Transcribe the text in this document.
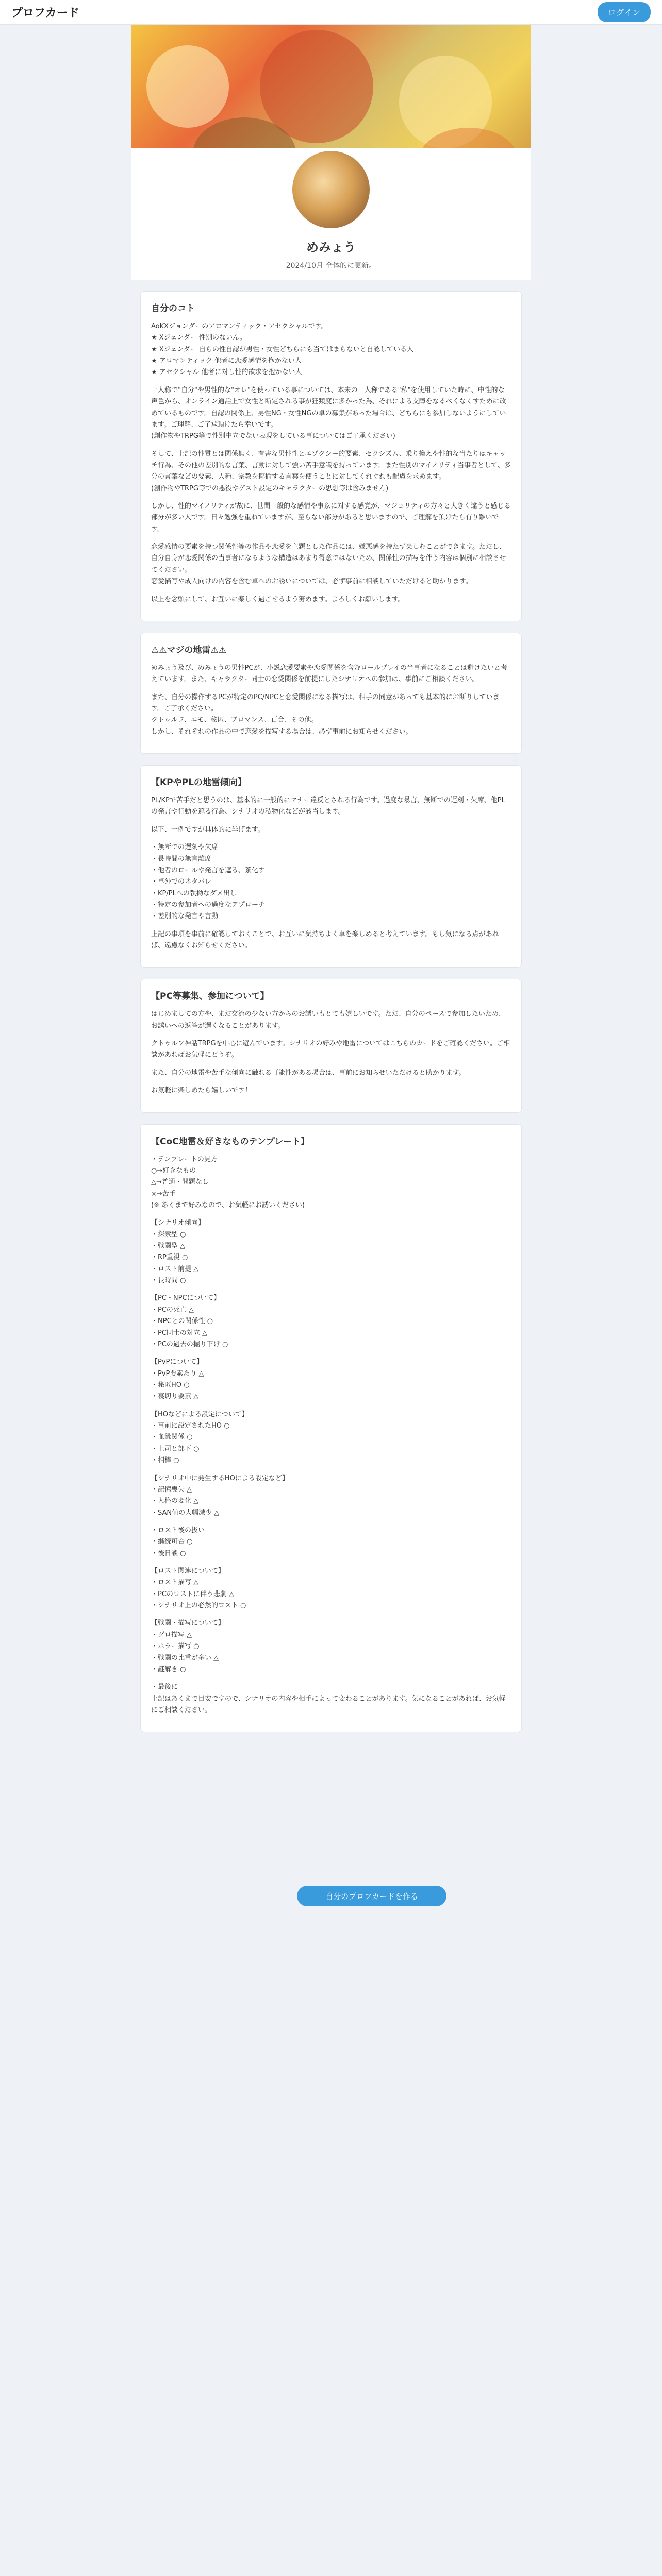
プロフカード	ログイン
めみょう
2024/10月 全体的に更新。
自分のコト

AoKXジョンダーのアロマンティック・アセクシャルです。
★ Xジェンダー 性別のないん。
★ Xジェンダー 自らの性自認が男性・女性どちらにも当てはまらないと自認している人
★ アロマンティック 他者に恋愛感情を抱かない人
★ アセクシャル 他者に対し性的欲求を抱かない人

一人称で"自分"や男性的な"オレ"を使っている事については、本来の一人称である"私"を使用していた時に、中性的な声色から、オンライン通話上で女性と断定される事が狂頻度に多かった為、それによる支障をなるべくなくすために改めているものです。自認の関係上、男性NG・女性NGの卓の募集があった場合は、どちらにも参加しないようにしています。ご理解、ご了承頂けたら幸いです。
(創作物やTRPG等で性別中立でない表現をしている事についてはご了承ください)

そして、上記の性質とは関係無く、有害な男性性とエゾクシー的要素、セクシズム、乗り換えや性的な当たりはキャッチ行為、その他の差別的な言葉、言動に対して強い苦手意識を持っています。また性別のマイノリティ当事者として、多分の言葉などの要素、人種、宗教を揶揄する言葉を使うことに対してくれぐれも配慮を求めます。
(創作物やTRPG等での悪役やゲスト設定のキャラクターの思想等は含みません)

しかし、性的マイノリティが故に、世間一般的な感情や事象に対する感覚が、マジョリティの方々と大きく違うと感じる部分が多い人です。日々勉強を重ねていますが、至らない部分があると思いますので、ご理解を頂けたら有り難いです。

恋愛感情の要素を持つ関係性等の作品や恋愛を主題とした作品には、嫌悪感を持たず楽しむことができます。ただし、自分自身が恋愛関係の当事者になるような構造はあまり得意ではないため、関係性の描写を伴う内容は個別に相談させてください。
恋愛描写や成人向けの内容を含む卓へのお誘いについては、必ず事前に相談していただけると助かります。

以上を念頭にして、お互いに楽しく過ごせるよう努めます。よろしくお願いします。

⚠⚠マジの地雷⚠⚠

めみょう及び、めみょうの男性PCが、小説恋愛要素や恋愛関係を含むロールプレイの当事者になることは避けたいと考えています。また、キャラクター同士の恋愛関係を前提にしたシナリオへの参加は、事前にご相談ください。

また、自分の操作するPCが特定のPC/NPCと恋愛関係になる描写は、相手の同意があっても基本的にお断りしています。ご了承ください。
クトゥルフ、エモ、秘匿、ブロマンス、百合、その他。
しかし、それぞれの作品の中で恋愛を描写する場合は、必ず事前にお知らせください。

【KPやPLの地雷傾向】

PL/KPで苦手だと思うのは、基本的に一般的にマナー違反とされる行為です。過度な暴言、無断での遅刻・欠席、他PLの発言や行動を遮る行為、シナリオの私物化などが該当します。

以下、一例ですが具体的に挙げます。

・無断での遅刻や欠席
・長時間の無言離席
・他者のロールや発言を遮る、茶化す
・卓外でのネタバレ
・KP/PLへの執拗なダメ出し
・特定の参加者への過度なアプローチ
・差別的な発言や言動

上記の事項を事前に確認しておくことで、お互いに気持ちよく卓を楽しめると考えています。もし気になる点があれば、遠慮なくお知らせください。

【PC等募集、参加について】

はじめましての方や、まだ交流の少ない方からのお誘いもとても嬉しいです。ただ、自分のペースで参加したいため、お誘いへの返答が遅くなることがあります。

クトゥルフ神話TRPGを中心に遊んでいます。シナリオの好みや地雷についてはこちらのカードをご確認ください。ご相談があればお気軽にどうぞ。

また、自分の地雷や苦手な傾向に触れる可能性がある場合は、事前にお知らせいただけると助かります。

お気軽に楽しめたら嬉しいです！

【CoC地雷＆好きなものテンプレート】

・テンプレートの見方
○→好きなもの
△→普通・問題なし
×→苦手
(※ あくまで好みなので、お気軽にお誘いください)

【シナリオ傾向】
・探索型 ○
・戦闘型 △
・RP重視 ○
・ロスト前提 △
・長時間 ○

【PC・NPCについて】
・PCの死亡 △
・NPCとの関係性 ○
・PC同士の対立 △
・PCの過去の掘り下げ ○

【PvPについて】
・PvP要素あり △
・秘匿HO ○
・裏切り要素 △

【HOなどによる設定について】
・事前に設定されたHO ○
・血縁関係 ○
・上司と部下 ○
・相棒 ○

【シナリオ中に発生するHOによる設定など】
・記憶喪失 △
・人格の変化 △
・SAN値の大幅減少 △

・ロスト後の扱い
・継続可否 ○
・後日談 ○

【ロスト関連について】
・ロスト描写 △
・PCのロストに伴う悲劇 △
・シナリオ上の必然的ロスト ○

【戦闘・描写について】
・グロ描写 △
・ホラー描写 ○
・戦闘の比重が多い △
・謎解き ○

・最後に
上記はあくまで目安ですので、シナリオの内容や相手によって変わることがあります。気になることがあれば、お気軽にご相談ください。

自分のプロフカードを作る
